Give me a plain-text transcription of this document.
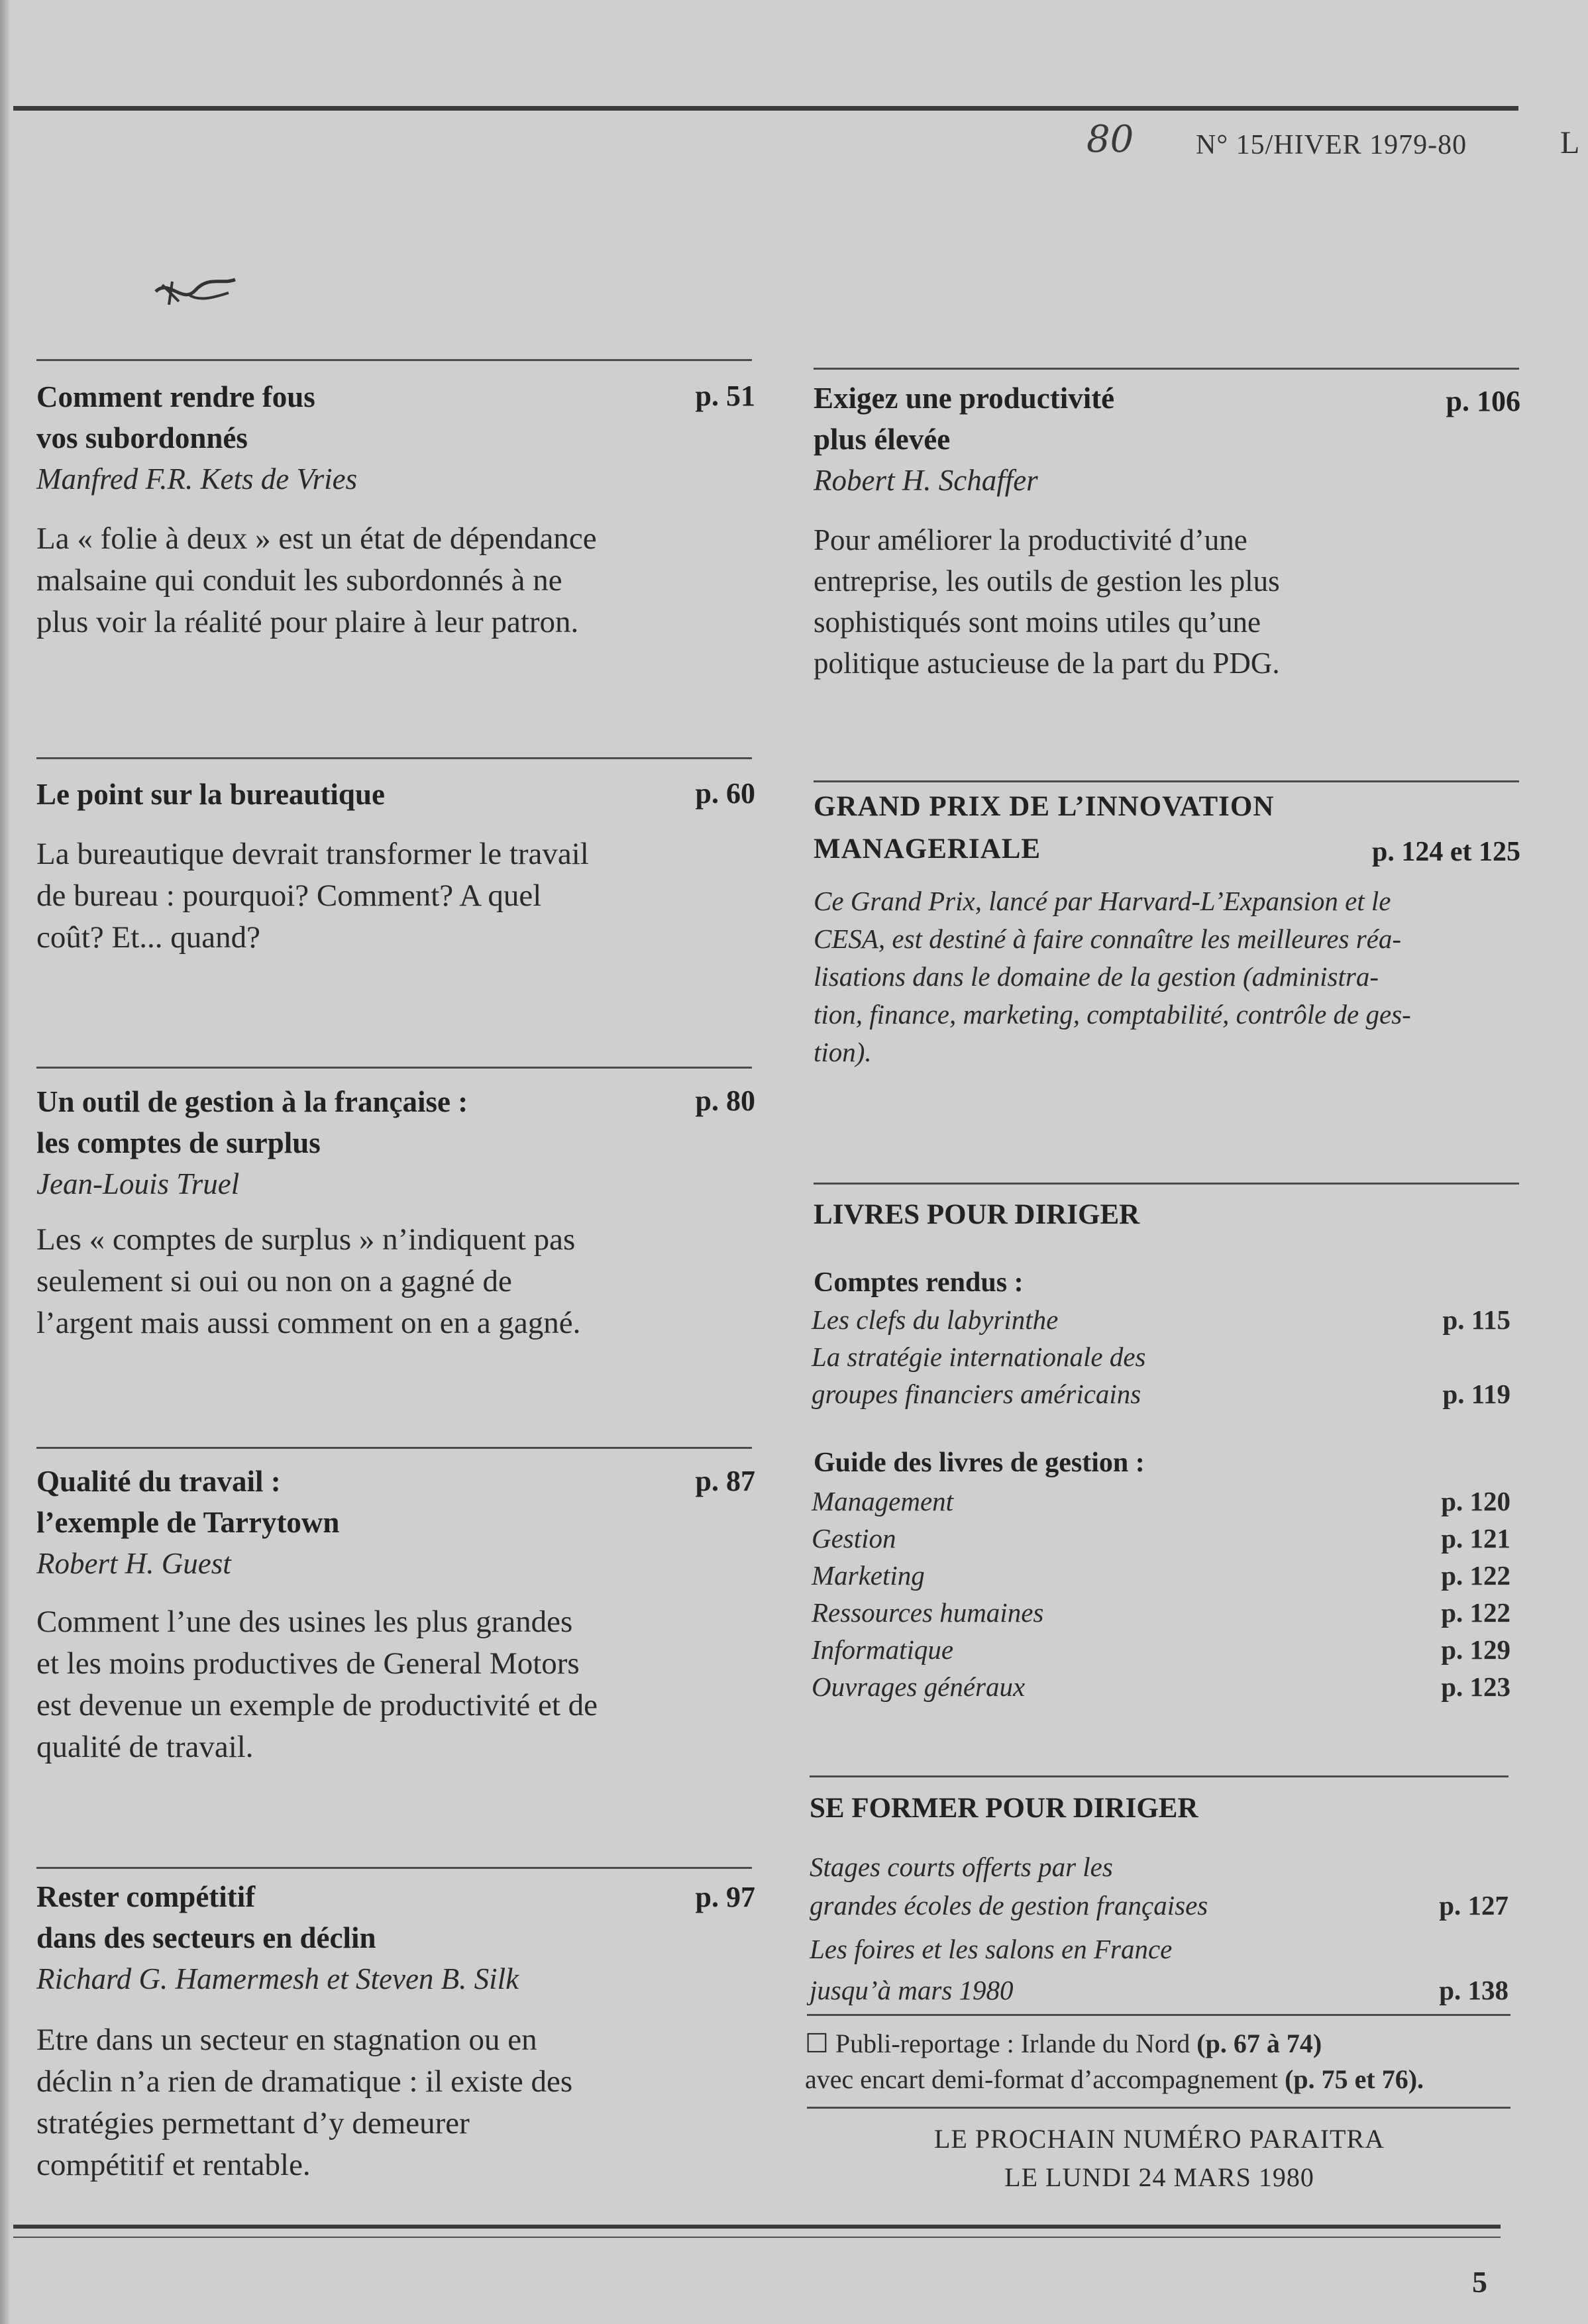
80 N° 15/HIVER 1979-80	L
Comment rendre fous
vos subordonnés
Manfred F.R. Kets de Vries
La « folie à deux » est un état de dépendance
malsaine qui conduit les subordonnés à ne
plus voir la réalité pour plaire à leur patron.
p. 51
Le point sur la bureautique
La bureautique devrait transformer le travail
de bureau : pourquoi? Comment? A quel
coût? Et... quand?
p. 60
Un outil de gestion à la française :
les comptes de surplus
Jean-Louis Truel
Les « comptes de surplus » n’indiquent pas
seulement si oui ou non on a gagné de
l’argent mais aussi comment on en a gagné.
p. 80
Qualité du travail :
l’exemple de Tarrytown
Robert H. Guest
Comment l’une des usines les plus grandes
et les moins productives de General Motors
est devenue un exemple de productivité et de
qualité de travail.
p. 87
Rester compétitif
dans des secteurs en déclin
Richard G. Hamermesh et Steven B. Silk
Etre dans un secteur en stagnation ou en
déclin n’a rien de dramatique : il existe des
stratégies permettant d’y demeurer
compétitif et rentable.
p. 97
Exigez une productivité
plus élevée
Robert H. Schaffer
Pour améliorer la productivité d’une
entreprise, les outils de gestion les plus
sophistiqués sont moins utiles qu’une
politique astucieuse de la part du PDG.
p. 106
GRAND PRIX DE L’INNOVATION
MANAGERIALE
Ce Grand Prix, lancé par Harvard-L’Expansion et le
CESA, est destiné à faire connaître les meilleures réa-
lisations dans le domaine de la gestion (administra-
tion, finance, marketing, comptabilité, contrôle de ges-
tion).
p. 124 et 125
LIVRES POUR DIRIGER
Comptes rendus :
Les clefs du labyrinthe	p. 115
La stratégie internationale des
groupes financiers américains	p. 119
Guide des livres de gestion :
Management	p. 120
Gestion	p. 121
Marketing	p. 122
Ressources humaines	p. 122
Informatique	p. 129
Ouvrages généraux	p. 123
SE FORMER POUR DIRIGER
Stages courts offerts par les
grandes écoles de gestion françaises	p. 127
Les foires et les salons en France
jusqu’à mars 1980	p. 138
☐ Publi-reportage : Irlande du Nord (p. 67 à 74)
avec encart demi-format d’accompagnement (p. 75 et 76).
LE PROCHAIN NUMÉRO PARAITRA
LE LUNDI 24 MARS 1980
5
